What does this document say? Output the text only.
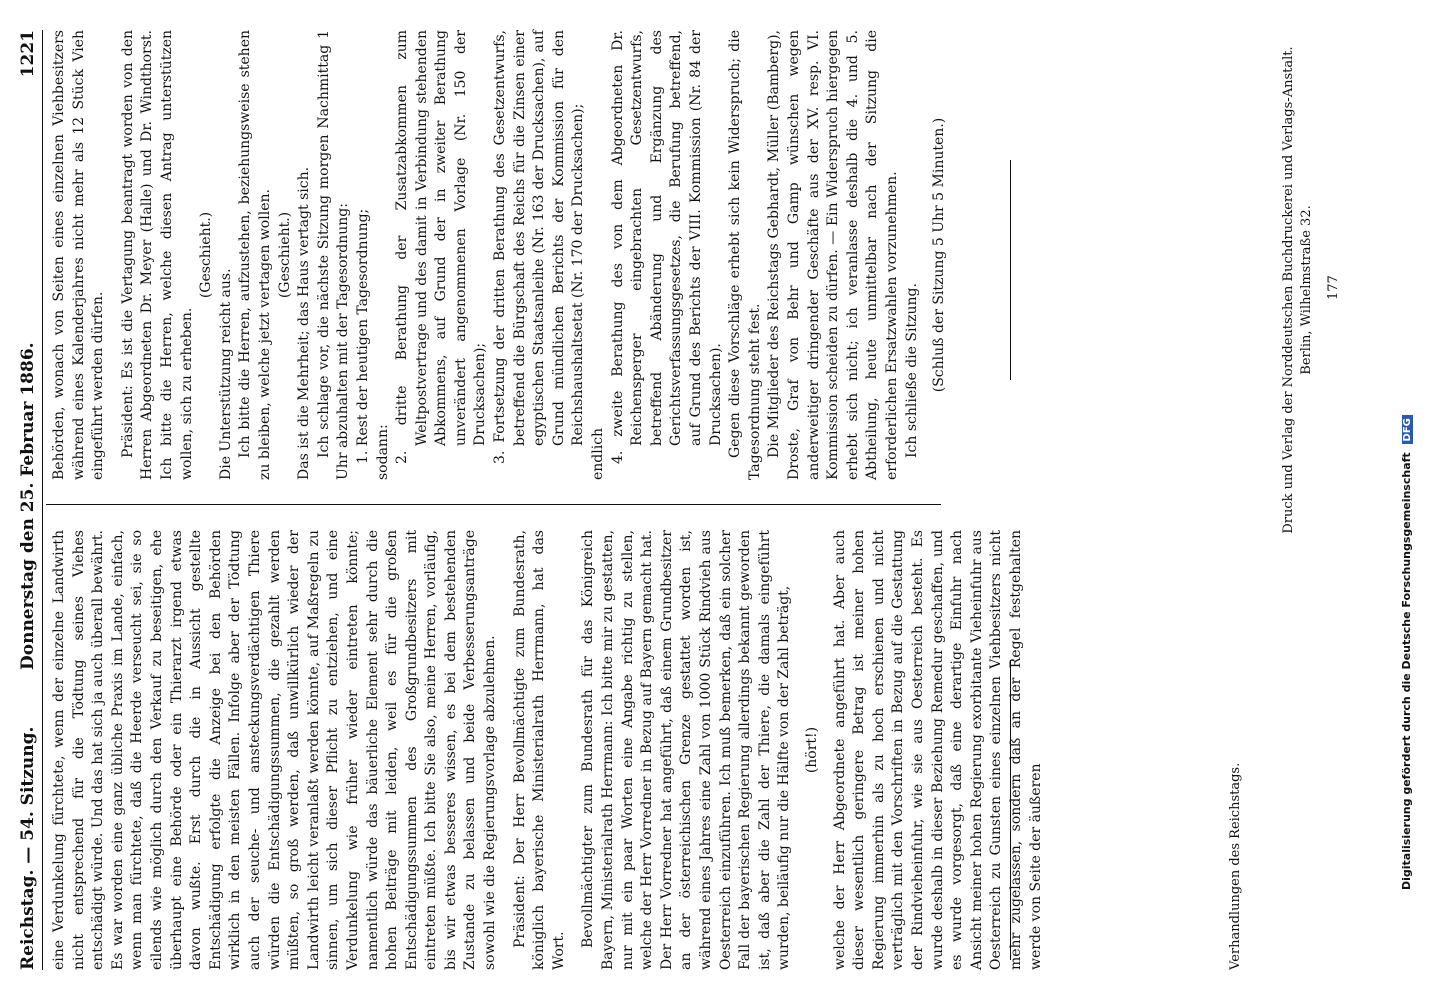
Reichstag. — 54. Sitzung.
Donnerstag den 25. Februar 1886.
1221

eine Verdunkelung fürchtete, wenn der einzelne Landwirth nicht entsprechend für die Tödtung seines Viehes entschädigt würde. Und das hat sich ja auch überall bewährt. Es war worden eine ganz übliche Praxis im Lande, einfach, wenn man fürchtete, daß die Heerde verseucht sei, sie so eilends wie möglich durch den Verkauf zu beseitigen, ehe überhaupt eine Behörde oder ein Thierarzt irgend etwas davon wußte. Erst durch die in Aussicht gestellte Entschädigung erfolgte die Anzeige bei den Behörden wirklich in den meisten Fällen. Infolge aber der Tödtung auch der seuche- und ansteckungsverdächtigen Thiere würden die Entschädigungssummen, die gezahlt werden müßten, so groß werden, daß unwillkürlich wieder der Landwirth leicht veranlaßt werden könnte, auf Maßregeln zu sinnen, um sich dieser Pflicht zu entziehen, und eine Verdunkelung wie früher wieder eintreten könnte; namentlich würde das bäuerliche Element sehr durch die hohen Beiträge mit leiden, weil es für die großen Entschädigungssummen des Großgrundbesitzers mit eintreten müßte. Ich bitte Sie also, meine Herren, vorläufig, bis wir etwas besseres wissen, es bei dem bestehenden Zustande zu belassen und beide Verbesserungsanträge sowohl wie die Regierungsvorlage abzulehnen. Präsident: Der Herr Bevollmächtigte zum Bundesrath, königlich bayerische Ministerialrath Herrmann, hat das Wort.

Bevollmächtigter zum Bundesrath für das Königreich Bayern, Ministerialrath Herrmann: Ich bitte mir zu gestatten, nur mit ein paar Worten eine Angabe richtig zu stellen, welche der Herr Vorredner in Bezug auf Bayern gemacht hat. Der Herr Vorredner hat angeführt, daß einem Grundbesitzer an der österreichischen Grenze gestattet worden ist, während eines Jahres eine Zahl von 1000 Stück Rindvieh aus Oesterreich einzuführen. Ich muß bemerken, daß ein solcher Fall der bayerischen Regierung allerdings bekannt geworden ist, daß aber die Zahl der Thiere, die damals eingeführt wurden, beiläufig nur die Hälfte von der Zahl beträgt, (hört!) welche der Herr Abgeordnete angeführt hat. Aber auch dieser wesentlich geringere Betrag ist meiner hohen Regierung immerhin als zu hoch erschienen und nicht verträglich mit den Vorschriften in Bezug auf die Gestattung der Rindvieheinfuhr, wie sie aus Oesterreich besteht. Es wurde deshalb in dieser Beziehung Remedur geschaffen, und es wurde vorgesorgt, daß eine derartige Einfuhr nach Ansicht meiner hohen Regierung exorbitante Vieheinfuhr aus Oesterreich zu Gunsten eines einzelnen Viehbesitzers nicht mehr zugelassen, sondern daß an der Regel festgehalten werde von Seite der äußeren

Behörden, wonach von Seiten eines einzelnen Viehbesitzers während eines Kalenderjahres nicht mehr als 12 Stück Vieh eingeführt werden dürfen. Präsident: Es ist die Vertagung beantragt worden von den Herren Abgeordneten Dr. Meyer (Halle) und Dr. Windthorst. Ich bitte die Herren, welche diesen Antrag unterstützen wollen, sich zu erheben.

(Geschieht.)

Die Unterstützung reicht aus. Ich bitte die Herren, aufzustehen, beziehungsweise stehen zu bleiben, welche jetzt vertagen wollen. (Geschieht.) Das ist die Mehrheit; das Haus vertagt sich. Ich schlage vor, die nächste Sitzung morgen Nachmittag 1 Uhr abzuhalten mit der Tagesordnung: 1. Rest der heutigen Tagesordnung; sodann: 2. dritte Berathung der Zusatzabkommen zum Weltpostvertrage und des damit in Verbindung stehenden Abkommens, auf Grund der in zweiter Berathung unverändert angenommenen Vorlage (Nr. 150 der Drucksachen); 3. Fortsetzung der dritten Berathung des Gesetzentwurfs, betreffend die Bürgschaft des Reichs für die Zinsen einer egyptischen Staatsanleihe (Nr. 163 der Drucksachen), auf Grund mündlichen Berichts der Kommission für den Reichshaushaltsetat (Nr. 170 der Drucksachen);

endlich 4. zweite Berathung des von dem Abgeordneten Dr. Reichensperger eingebrachten Gesetzentwurfs, betreffend Abänderung und Ergänzung des Gerichtsverfassungsgesetzes, die Berufung betreffend, auf Grund des Berichts der VIII. Kommission (Nr. 84 der Drucksachen). Gegen diese Vorschläge erhebt sich kein Widerspruch; die Tagesordnung steht fest. Die Mitglieder des Reichstags Gebhardt, Müller (Bamberg), Droste, Graf von Behr und Gamp wünschen wegen anderweitiger dringender Geschäfte aus der XV. resp. VI. Kommission scheiden zu dürfen. — Ein Widerspruch hiergegen erhebt sich nicht; ich veranlasse deshalb die 4. und 5. Abtheilung, heute unmittelbar nach der Sitzung die erforderlichen Ersatzwahlen vorzunehmen. Ich schließe die Sitzung. (Schluß der Sitzung 5 Uhr 5 Minuten.)

Verhandlungen des Reichstags.
Druck und Verlag der Norddeutschen Buchdruckerei und Verlags-Anstalt. Berlin, Wilhelmstraße 32. 177
Digitalisierung gefördert durch die Deutsche Forschungsgemeinschaft DFG
